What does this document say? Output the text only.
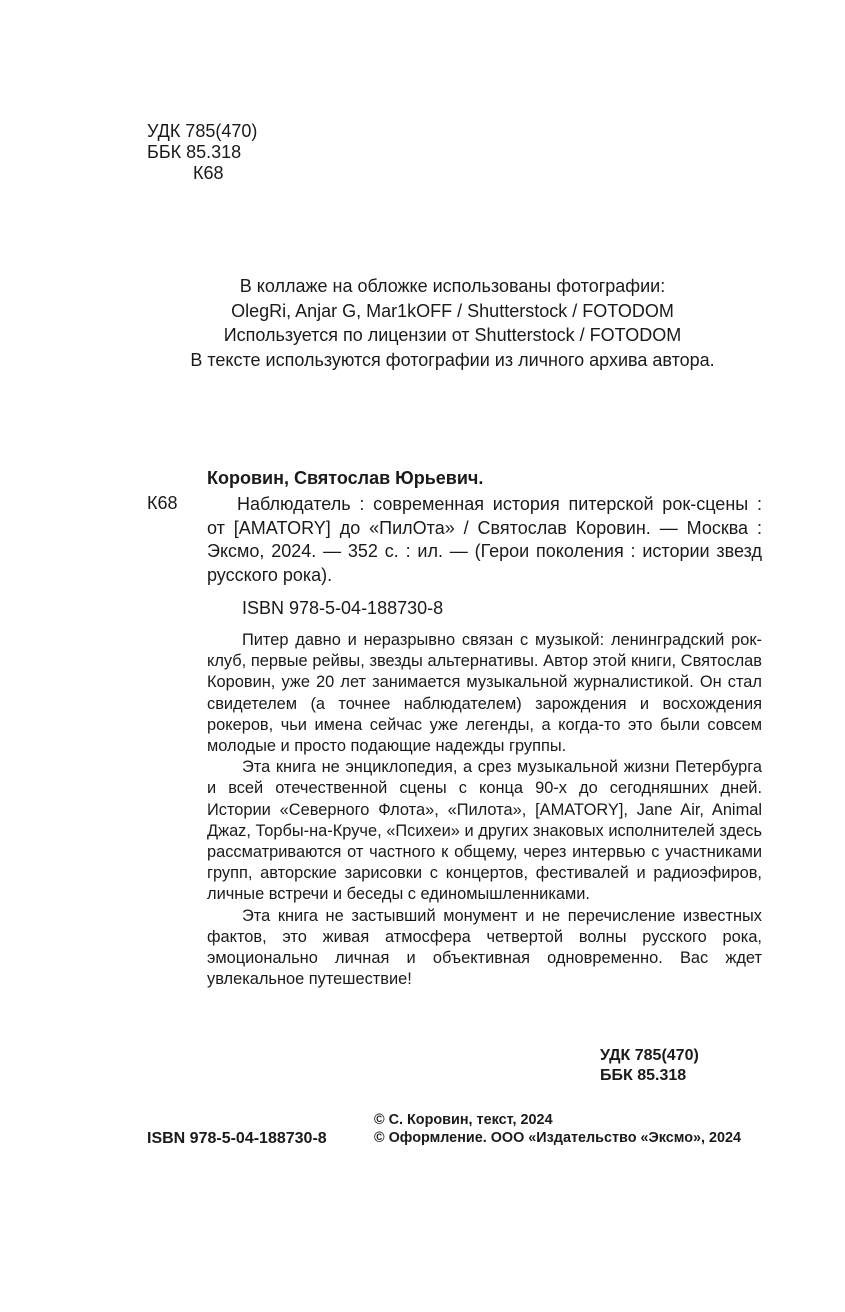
УДК 785(470)
ББК 85.318
К68
В коллаже на обложке использованы фотографии:
OlegRi, Anjar G, Mar1kOFF / Shutterstock / FOTODOM
Используется по лицензии от Shutterstock / FOTODOM
В тексте используются фотографии из личного архива автора.
Коровин, Святослав Юрьевич.
К68	Наблюдатель : современная история питерской рок-сцены : от [AMATORY] до «ПилОта» / Святослав Коровин. — Москва : Эксмо, 2024. — 352 с. : ил. — (Герои поколения : истории звезд русского рока).

ISBN 978-5-04-188730-8

Питер давно и неразрывно связан с музыкой: ленинградский рок-клуб, первые рейвы, звезды альтернативы. Автор этой книги, Святослав Коровин, уже 20 лет занимается музыкальной журналистикой. Он стал свидетелем (а точнее наблюдателем) зарождения и восхождения рокеров, чьи имена сейчас уже легенды, а когда-то это были совсем молодые и просто подающие надежды группы.

Эта книга не энциклопедия, а срез музыкальной жизни Петербурга и всей отечественной сцены с конца 90-х до сегодняшних дней. Истории «Северного Флота», «Пилота», [AMATORY], Jane Air, Animal Джаz, Торбы-на-Круче, «Психеи» и других знаковых исполнителей здесь рассматриваются от частного к общему, через интервью с участниками групп, авторские зарисовки с концертов, фестивалей и радиоэфиров, личные встречи и беседы с единомышленниками.

Эта книга не застывший монумент и не перечисление известных фактов, это живая атмосфера четвертой волны русского рока, эмоционально личная и объективная одновременно. Вас ждет увлекальное путешествие!

УДК 785(470)
ББК 85.318
© С. Коровин, текст, 2024
ISBN 978-5-04-188730-8	© Оформление. ООО «Издательство «Эксмо», 2024
